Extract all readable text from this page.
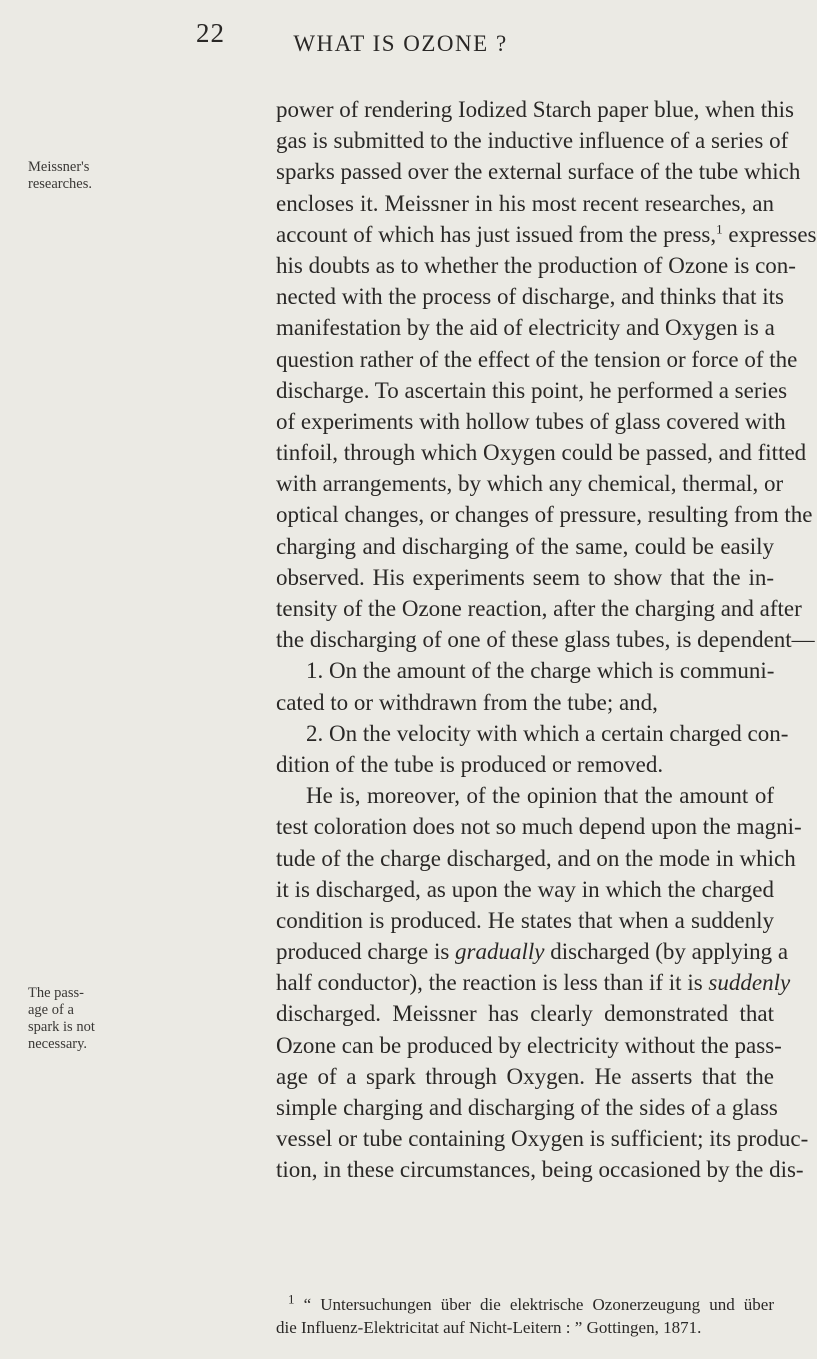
22	WHAT IS OZONE ?
Meissner's researches.
The pass- age of a spark is not necessary.
power of rendering Iodized Starch paper blue, when this
gas is submitted to the inductive influence of a series of
sparks passed over the external surface of the tube which
encloses it. Meissner in his most recent researches, an
account of which has just issued from the press,$^1$ expresses
his doubts as to whether the production of Ozone is con-
nected with the process of discharge, and thinks that its
manifestation by the aid of electricity and Oxygen is a
question rather of the effect of the tension or force of the
discharge. To ascertain this point, he performed a series
of experiments with hollow tubes of glass covered with
tinfoil, through which Oxygen could be passed, and fitted
with arrangements, by which any chemical, thermal, or
optical changes, or changes of pressure, resulting from the
charging and discharging of the same, could be easily
observed. His experiments seem to show that the in-
tensity of the Ozone reaction, after the charging and after
the discharging of one of these glass tubes, is dependent—
1. On the amount of the charge which is communi-
cated to or withdrawn from the tube; and,
2. On the velocity with which a certain charged con-
dition of the tube is produced or removed.
He is, moreover, of the opinion that the amount of
test coloration does not so much depend upon the magni-
tude of the charge discharged, and on the mode in which
it is discharged, as upon the way in which the charged
condition is produced. He states that when a suddenly
produced charge is gradually discharged (by applying a
half conductor), the reaction is less than if it is suddenly
discharged. Meissner has clearly demonstrated that
Ozone can be produced by electricity without the pass-
age of a spark through Oxygen. He asserts that the
simple charging and discharging of the sides of a glass
vessel or tube containing Oxygen is sufficient; its produc-
tion, in these circumstances, being occasioned by the dis-
$^1$ “ Untersuchungen über die elektrische Ozonerzeugung und über
die Influenz-Elektricitat auf Nicht-Leitern : ” Gottingen, 1871.
